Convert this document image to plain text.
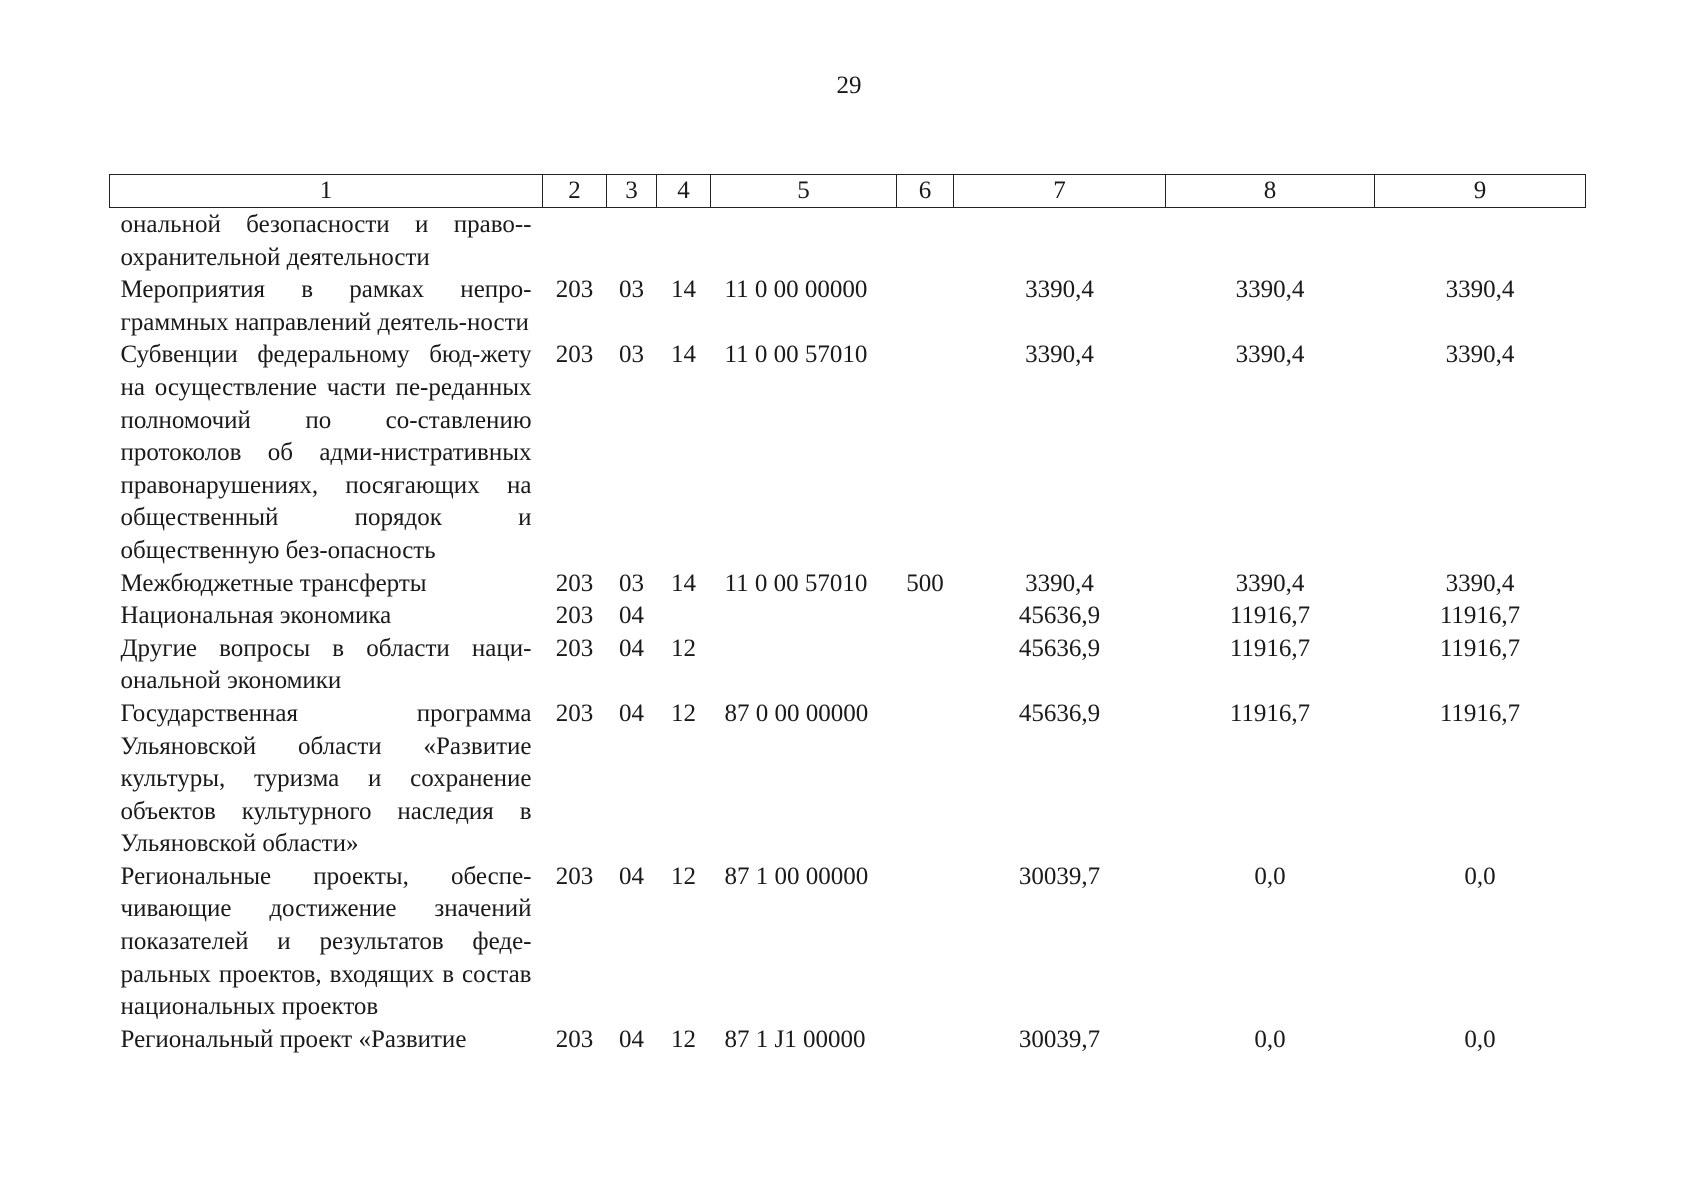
29
1	2	3	4	5	6	7	8	9
ональной безопасности и право-охранительной деятельности								
Мероприятия в рамках непро-граммных направлений деятель-ности	203	03	14	11 0 00 00000		3390,4	3390,4	3390,4
Субвенции федеральному бюд-жету на осуществление части пе-реданных полномочий по со-ставлению протоколов об адми-нистративных правонарушениях, посягающих на общественный порядок и общественную без-опасность	203	03	14	11 0 00 57010		3390,4	3390,4	3390,4
Межбюджетные трансферты	203	03	14	11 0 00 57010	500	3390,4	3390,4	3390,4
Национальная экономика	203	04				45636,9	11916,7	11916,7
Другие вопросы в области наци-ональной экономики	203	04	12			45636,9	11916,7	11916,7
Государственная программа Ульяновской области «Развитие культуры, туризма и сохранение объектов культурного наследия в Ульяновской области»	203	04	12	87 0 00 00000		45636,9	11916,7	11916,7
Региональные проекты, обеспе-чивающие достижение значений показателей и результатов феде-ральных проектов, входящих в состав национальных проектов	203	04	12	87 1 00 00000		30039,7	0,0	0,0
Региональный проект «Развитие	203	04	12	87 1 J1 00000		30039,7	0,0	0,0
